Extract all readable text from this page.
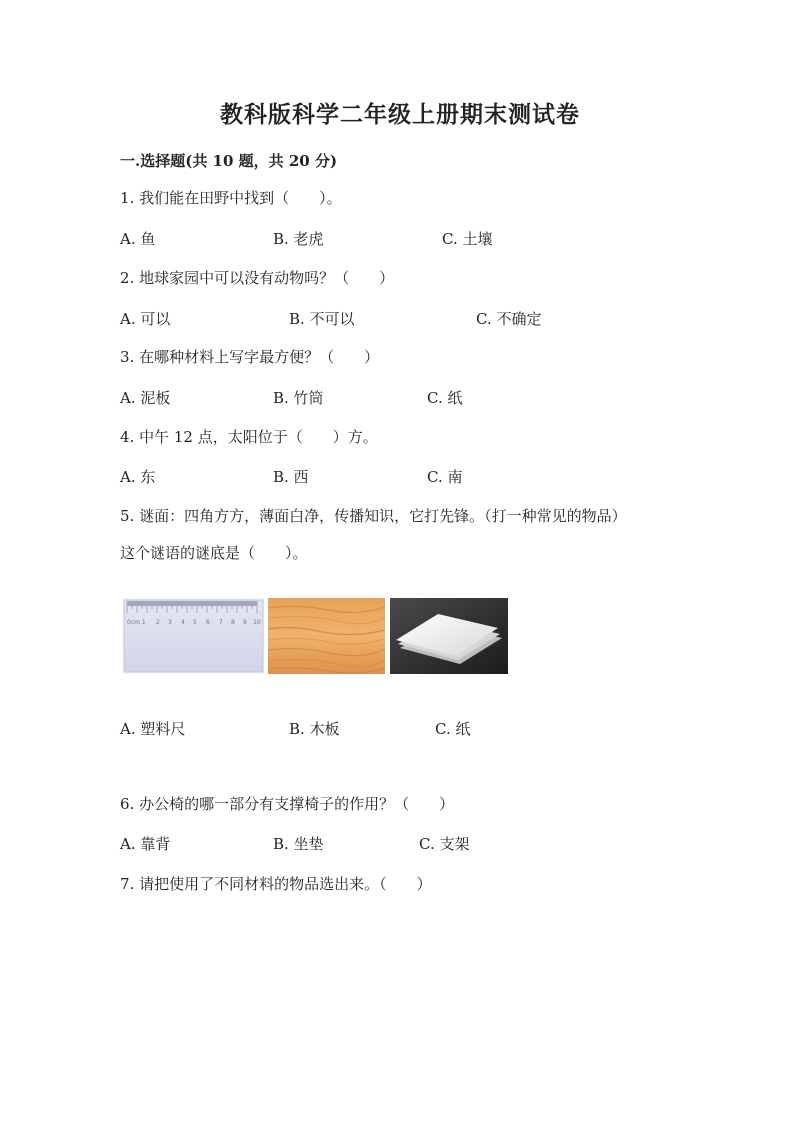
教科版科学二年级上册期末测试卷
一.选择题(共 10 题，共 20 分)
1. 我们能在田野中找到（　　）。
A. 鱼	B. 老虎	C. 土壤
2. 地球家园中可以没有动物吗？（　　）
A. 可以	B. 不可以	C. 不确定
3. 在哪种材料上写字最方便？（　　）
A. 泥板	B. 竹筒	C. 纸
4. 中午 12 点，太阳位于（　　）方。
A. 东	B. 西	C. 南
5. 谜面：四角方方，薄面白净，传播知识，它打先锋。（打一种常见的物品）
这个谜语的谜底是（　　）。
0cm 1 2 3 4 5 6 7 8 9 10
A. 塑料尺	B. 木板	C. 纸
6. 办公椅的哪一部分有支撑椅子的作用？（　　）
A. 靠背	B. 坐垫	C. 支架
7. 请把使用了不同材料的物品选出来。（　　）
